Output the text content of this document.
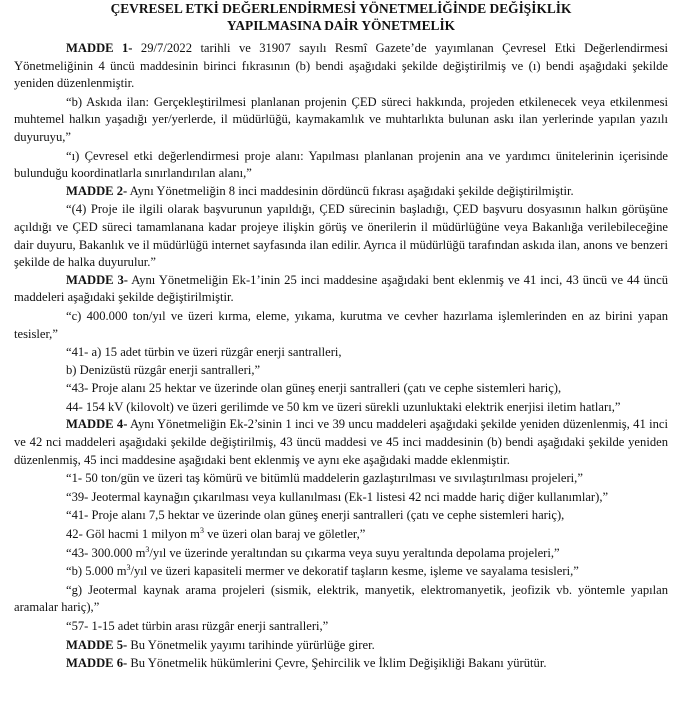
ÇEVRESEL ETKİ DEĞERLENDİRMESİ YÖNETMELİĞİNDE DEĞİŞİKLİK

YAPILMASINA DAİR YÖNETMELİK

MADDE 1- 29/7/2022 tarihli ve 31907 sayılı Resmî Gazete’de yayımlanan Çevresel Etki Değerlendirmesi Yönetmeliğinin 4 üncü maddesinin birinci fıkrasının (b) bendi aşağıdaki şekilde değiştirilmiş ve (ı) bendi aşağıdaki şekilde yeniden düzenlenmiştir.

“b) Askıda ilan: Gerçekleştirilmesi planlanan projenin ÇED süreci hakkında, projeden etkilenecek veya etkilenmesi muhtemel halkın yaşadığı yer/yerlerde, il müdürlüğü, kaymakamlık ve muhtarlıkta bulunan askı ilan yerlerinde yapılan yazılı duyuruyu,”

“ı) Çevresel etki değerlendirmesi proje alanı: Yapılması planlanan projenin ana ve yardımcı ünitelerinin içerisinde bulunduğu koordinatlarla sınırlandırılan alanı,”

MADDE 2- Aynı Yönetmeliğin 8 inci maddesinin dördüncü fıkrası aşağıdaki şekilde değiştirilmiştir.

“(4) Proje ile ilgili olarak başvurunun yapıldığı, ÇED sürecinin başladığı, ÇED başvuru dosyasının halkın görüşüne açıldığı ve ÇED süreci tamamlanana kadar projeye ilişkin görüş ve önerilerin il müdürlüğüne veya Bakanlığa verilebileceğine dair duyuru, Bakanlık ve il müdürlüğü internet sayfasında ilan edilir. Ayrıca il müdürlüğü tarafından askıda ilan, anons ve benzeri şekilde de halka duyurulur.”

MADDE 3- Aynı Yönetmeliğin Ek-1’inin 25 inci maddesine aşağıdaki bent eklenmiş ve 41 inci, 43 üncü ve 44 üncü maddeleri aşağıdaki şekilde değiştirilmiştir.

“c) 400.000 ton/yıl ve üzeri kırma, eleme, yıkama, kurutma ve cevher hazırlama işlemlerinden en az birini yapan tesisler,”

“41- a) 15 adet türbin ve üzeri rüzgâr enerji santralleri,

b) Denizüstü rüzgâr enerji santralleri,”

“43- Proje alanı 25 hektar ve üzerinde olan güneş enerji santralleri (çatı ve cephe sistemleri hariç),

44- 154 kV (kilovolt) ve üzeri gerilimde ve 50 km ve üzeri sürekli uzunluktaki elektrik enerjisi iletim hatları,”

MADDE 4- Aynı Yönetmeliğin Ek-2’sinin 1 inci ve 39 uncu maddeleri aşağıdaki şekilde yeniden düzenlenmiş, 41 inci ve 42 nci maddeleri aşağıdaki şekilde değiştirilmiş, 43 üncü maddesi ve 45 inci maddesinin (b) bendi aşağıdaki şekilde yeniden düzenlenmiş, 45 inci maddesine aşağıdaki bent eklenmiş ve aynı eke aşağıdaki madde eklenmiştir.

“1- 50 ton/gün ve üzeri taş kömürü ve bitümlü maddelerin gazlaştırılması ve sıvılaştırılması projeleri,”

“39- Jeotermal kaynağın çıkarılması veya kullanılması (Ek-1 listesi 42 nci madde hariç diğer kullanımlar),”

“41- Proje alanı 7,5 hektar ve üzerinde olan güneş enerji santralleri (çatı ve cephe sistemleri hariç),

42- Göl hacmi 1 milyon $m^3$ ve üzeri olan baraj ve göletler,”

“43- 300.000 $m^3$/yıl ve üzerinde yeraltından su çıkarma veya suyu yeraltında depolama projeleri,”

“b) 5.000 $m^3$/yıl ve üzeri kapasiteli mermer ve dekoratif taşların kesme, işleme ve sayalama tesisleri,”

“g) Jeotermal kaynak arama projeleri (sismik, elektrik, manyetik, elektromanyetik, jeofizik vb. yöntemle yapılan aramalar hariç),”

“57- 1-15 adet türbin arası rüzgâr enerji santralleri,”

MADDE 5- Bu Yönetmelik yayımı tarihinde yürürlüğe girer.

MADDE 6- Bu Yönetmelik hükümlerini Çevre, Şehircilik ve İklim Değişikliği Bakanı yürütür.
